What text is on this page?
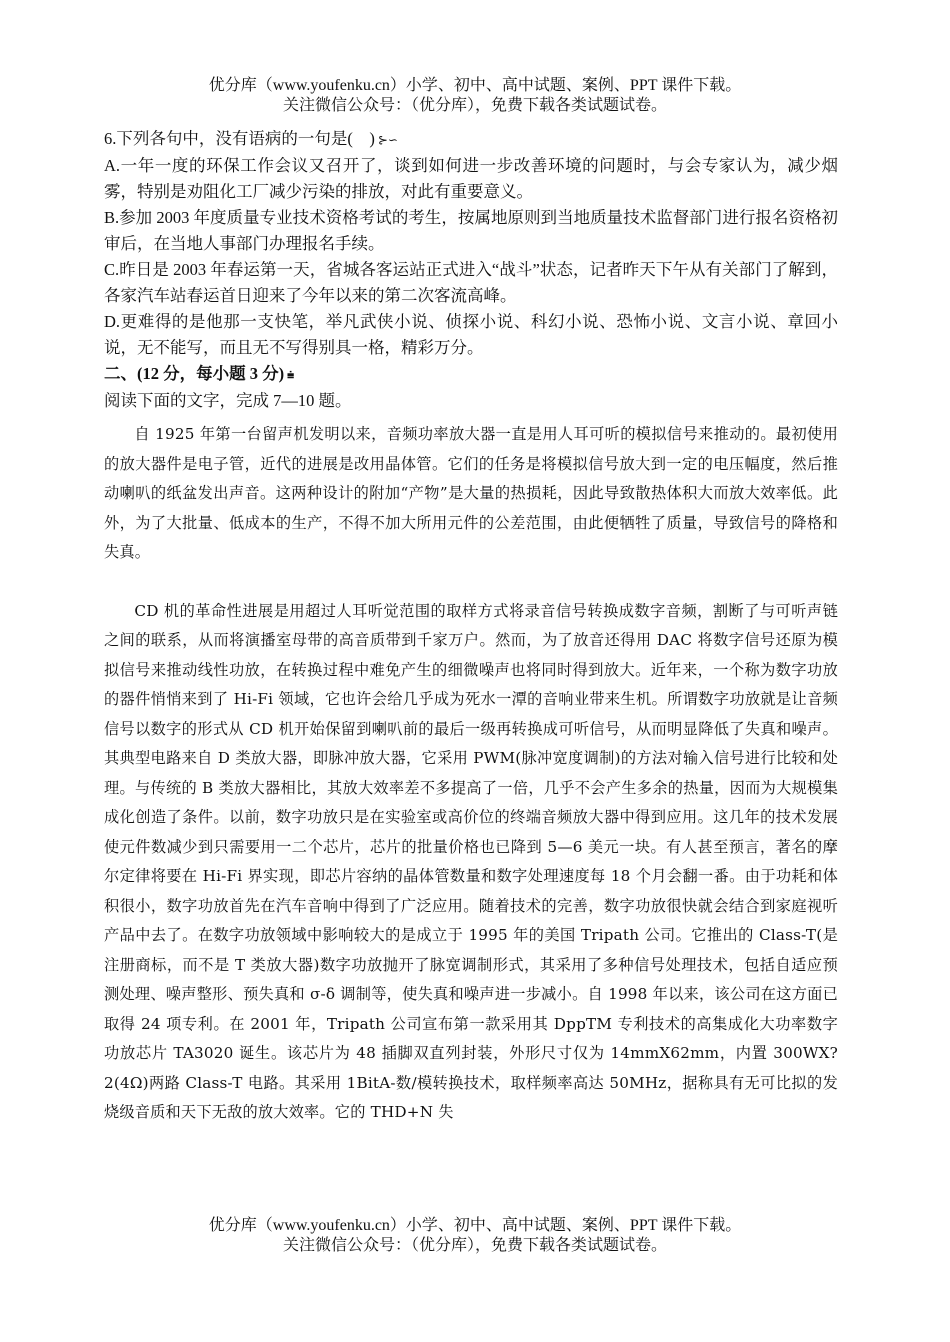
优分库（www.youfenku.cn）小学、初中、高中试题、案例、PPT 课件下载。
关注微信公众号：（优分库），免费下载各类试题试卷。

6.下列各句中，没有语病的一句是(　) ⊱∽

A.一年一度的环保工作会议又召开了，谈到如何进一步改善环境的问题时，与会专家认为，减少烟雾，特别是劝阻化工厂减少污染的排放，对此有重要意义。

B.参加 2003 年度质量专业技术资格考试的考生，按属地原则到当地质量技术监督部门进行报名资格初审后，在当地人事部门办理报名手续。

C.昨日是 2003 年春运第一天，省城各客运站正式进入“战斗”状态，记者昨天下午从有关部门了解到，各家汽车站春运首日迎来了今年以来的第二次客流高峰。

D.更难得的是他那一支快笔，举凡武侠小说、侦探小说、科幻小说、恐怖小说、文言小说、章回小说，无不能写，而且无不写得别具一格，精彩万分。

二、(12 分，每小题 3 分) ⩧

阅读下面的文字，完成 7—10 题。

自 1925 年第一台留声机发明以来，音频功率放大器一直是用人耳可听的模拟信号来推动的。最初使用的放大器件是电子管，近代的进展是改用晶体管。它们的任务是将模拟信号放大到一定的电压幅度，然后推动喇叭的纸盆发出声音。这两种设计的附加“产物”是大量的热损耗，因此导致散热体积大而放大效率低。此外，为了大批量、低成本的生产，不得不加大所用元件的公差范围，由此便牺牲了质量，导致信号的降格和失真。

CD 机的革命性进展是用超过人耳听觉范围的取样方式将录音信号转换成数字音频，割断了与可听声链之间的联系，从而将演播室母带的高音质带到千家万户。然而，为了放音还得用 DAC 将数字信号还原为模拟信号来推动线性功放，在转换过程中难免产生的细微噪声也将同时得到放大。近年来，一个称为数字功放的器件悄悄来到了 Hi-Fi 领域，它也许会给几乎成为死水一潭的音响业带来生机。所谓数字功放就是让音频信号以数字的形式从 CD 机开始保留到喇叭前的最后一级再转换成可听信号，从而明显降低了失真和噪声。其典型电路来自 D 类放大器，即脉冲放大器，它采用 PWM(脉冲宽度调制)的方法对输入信号进行比较和处理。与传统的 B 类放大器相比，其放大效率差不多提高了一倍，几乎不会产生多余的热量，因而为大规模集成化创造了条件。以前，数字功放只是在实验室或高价位的终端音频放大器中得到应用。这几年的技术发展使元件数减少到只需要用一二个芯片，芯片的批量价格也已降到 5—6 美元一块。有人甚至预言，著名的摩尔定律将要在 Hi-Fi 界实现，即芯片容纳的晶体管数量和数字处理速度每 18 个月会翻一番。由于功耗和体积很小，数字功放首先在汽车音响中得到了广泛应用。随着技术的完善，数字功放很快就会结合到家庭视听产品中去了。在数字功放领域中影响较大的是成立于 1995 年的美国 Tripath 公司。它推出的 Class-T(是注册商标，而不是 T 类放大器)数字功放抛开了脉宽调制形式，其采用了多种信号处理技术，包括自适应预测处理、噪声整形、预失真和 σ-δ 调制等，使失真和噪声进一步减小。自 1998 年以来，该公司在这方面已取得 24 项专利。在 2001 年，Tripath 公司宣布第一款采用其 DppTM 专利技术的高集成化大功率数字功放芯片 TA3020 诞生。该芯片为 48 插脚双直列封装，外形尺寸仅为 14mmX62mm，内置 300WX?2(4Ω)两路 Class-T 电路。其采用 1BitA-数/模转换技术，取样频率高达 50MHz，据称具有无可比拟的发烧级音质和天下无敌的放大效率。它的 THD+N 失

优分库（www.youfenku.cn）小学、初中、高中试题、案例、PPT 课件下载。
关注微信公众号：（优分库），免费下载各类试题试卷。
